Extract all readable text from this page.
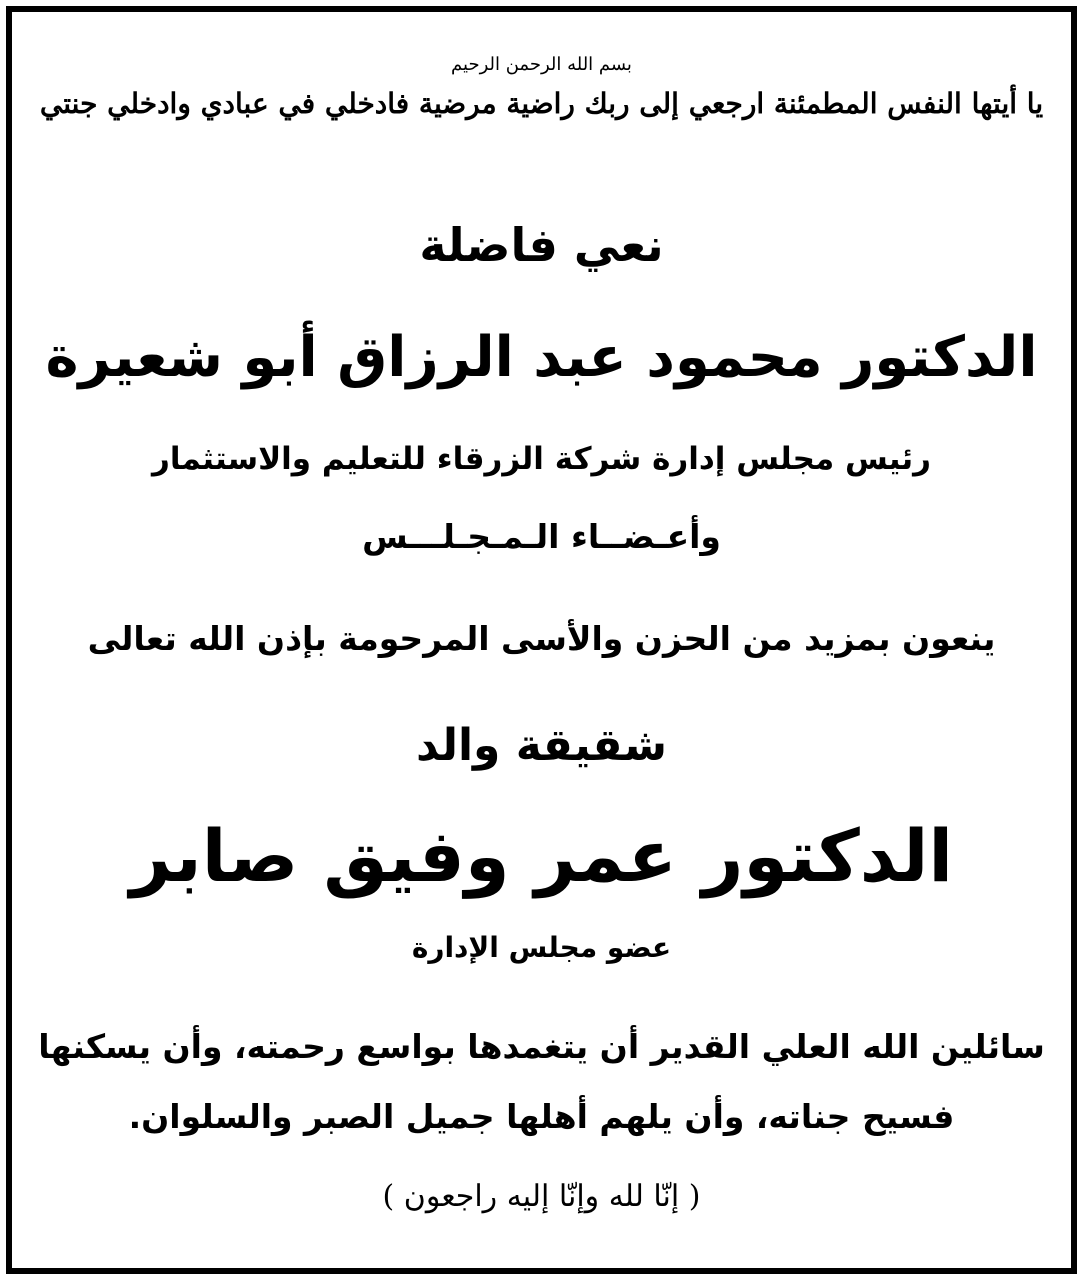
بسم الله الرحمن الرحيم
يا أيتها النفس المطمئنة ارجعي إلى ربك راضية مرضية فادخلي في عبادي وادخلي جنتي
نعي فاضلة
الدكتور محمود عبد الرزاق أبو شعيرة
رئيس مجلس إدارة شركة الزرقاء للتعليم والاستثمار
وأعـضــاء الـمـجـلـــس
ينعون بمزيد من الحزن والأسى المرحومة بإذن الله تعالى
شقيقة والد
الدكتور عمر وفيق صابر
عضو مجلس الإدارة
سائلين الله العلي القدير أن يتغمدها بواسع رحمته، وأن يسكنها
فسيح جناته، وأن يلهم أهلها جميل الصبر والسلوان.
( إنّا لله وإنّا إليه راجعون )
